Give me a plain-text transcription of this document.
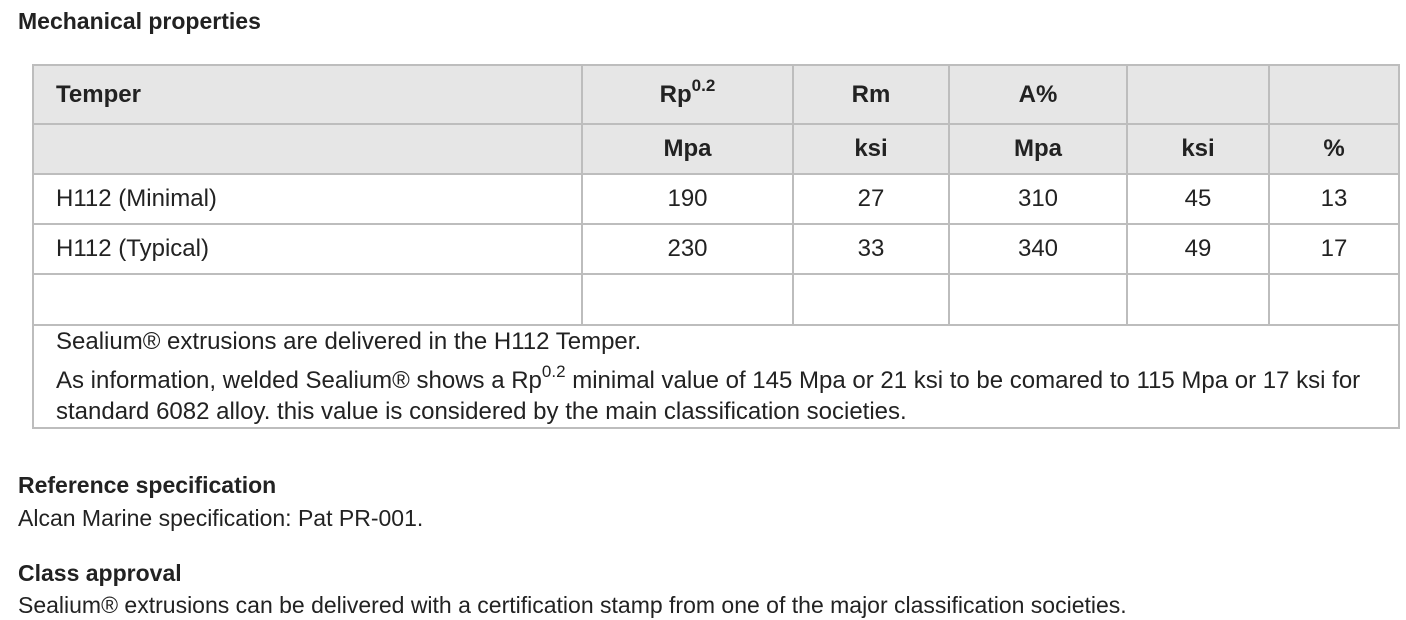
Mechanical properties
Temper	$Rp^{0.2}$	Rm	A%		
	Mpa	ksi	Mpa	ksi	%
H112 (Minimal)	190	27	310	45	13
H112 (Typical)	230	33	340	49	17

Sealium® extrusions are delivered in the H112 Temper.

As information, welded Sealium® shows a $Rp^{0.2}$ minimal value of 145 Mpa or 21 ksi to be comared to 115 Mpa or 17 ksi for standard 6082 alloy. this value is considered by the main classification societies.					

Reference specification
Alcan Marine specification: Pat PR-001.
Class approval
Sealium® extrusions can be delivered with a certification stamp from one of the major classification societies.
